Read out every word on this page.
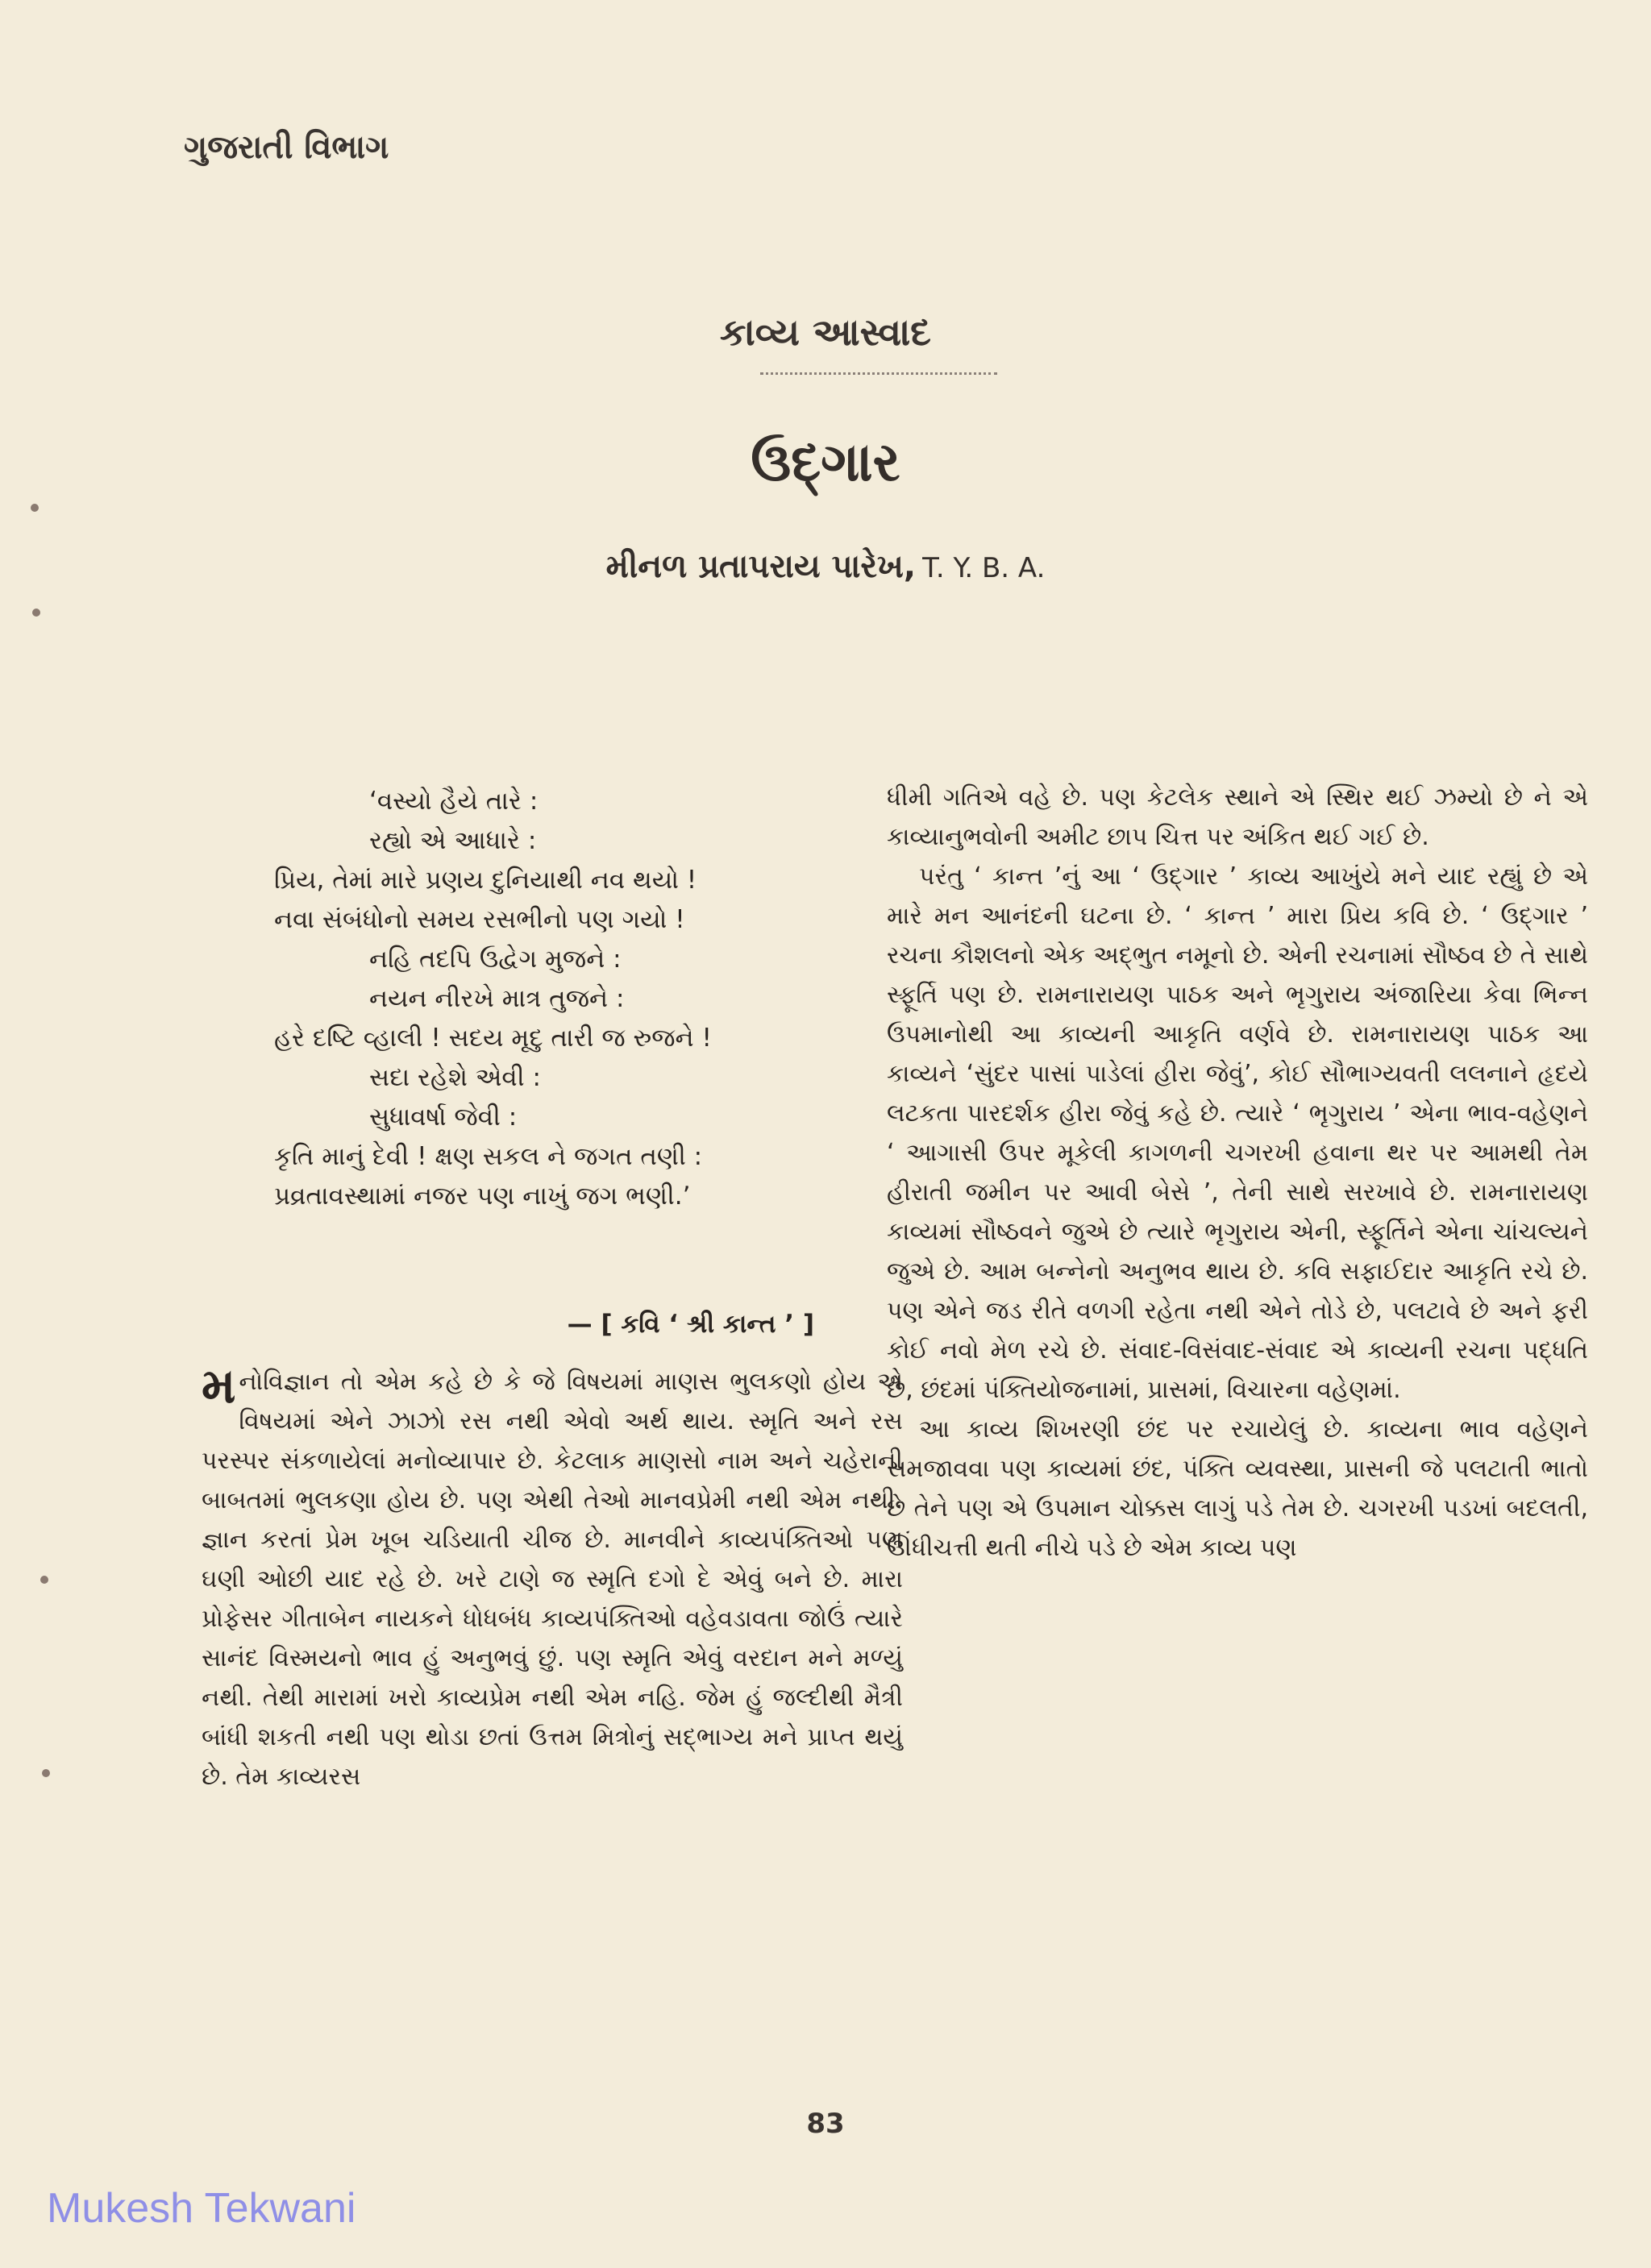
ગુજરાતી વિભાગ
કાવ્ય આસ્વાદ
ઉદ્‌ગાર
મીનળ પ્રતાપરાય પારેખ, T. Y. B. A.
‘વસ્યો હૈયે તારે :
રહ્યો એ આધારે :
પ્રિય, તેમાં મારે પ્રણય દુનિયાથી નવ થયો !
નવા સંબંધોનો સમય રસભીનો પણ ગયો !
નહિ તદપિ ઉદ્વેગ મુજને :
નયન નીરખે માત્ર તુજને :
હરે દષ્ટિ વ્હાલી ! સદય મૃદુ તારી જ રુજને !
સદા રહેશે એવી :
સુધાવર્ષા જેવી :
કૃતિ માનું દેવી ! ક્ષણ સકલ ને જગત તણી :
પ્રવ્રતાવસ્થામાં નજર પણ નાખું જગ ભણી.’
— [ કવિ ‘ શ્રી કાન્ત ’ ]

મનોવિજ્ઞાન તો એમ કહે છે કે જે વિષયમાં માણસ ભુલકણો હોય એ વિષયમાં એને ઝાઝો રસ નથી એવો અર્થ થાય. સ્મૃતિ અને રસ પરસ્પર સંકળાયેલાં મનોવ્યાપાર છે. કેટલાક માણસો નામ અને ચહેરાની બાબતમાં ભુલકણા હોય છે. પણ એથી તેઓ માનવપ્રેમી નથી એમ નથી. જ્ઞાન કરતાં પ્રેમ ખૂબ ચડિયાતી ચીજ છે. માનવીને કાવ્યપંક્તિઓ પણ ઘણી ઓછી યાદ રહે છે. ખરે ટાણે જ સ્મૃતિ દગો દે એવું બને છે. મારા પ્રોફેસર ગીતાબેન નાયકને ધોધબંધ કાવ્યપંક્તિઓ વહેવડાવતા જોઉં ત્યારે સાનંદ વિસ્મયનો ભાવ હું અનુભવું છું. પણ સ્મૃતિ એવું વરદાન મને મળ્યું નથી. તેથી મારામાં ખરો કાવ્યપ્રેમ નથી એમ નહિ. જેમ હું જલ્દીથી મૈત્રી બાંધી શકતી નથી પણ થોડા છતાં ઉત્તમ મિત્રોનું સદ્‌ભાગ્ય મને પ્રાપ્ત થયું છે. તેમ કાવ્યરસ

ધીમી ગતિએ વહે છે. પણ કેટલેક સ્થાને એ સ્થિર થઈ ઝમ્યો છે ને એ કાવ્યાનુભવોની અમીટ છાપ ચિત્ત પર અંકિત થઈ ગઈ છે.

પરંતુ ‘ કાન્ત ’નું આ ‘ ઉદ્‌ગાર ’ કાવ્ય આખુંયે મને યાદ રહ્યું છે એ મારે મન આનંદની ઘટના છે. ‘ કાન્ત ’ મારા પ્રિય કવિ છે. ‘ ઉદ્‌ગાર ’ રચના કૌશલનો એક અદ્‌ભુત નમૂનો છે. એની રચનામાં સૌષ્ઠવ છે તે સાથે સ્ફૂર્તિ પણ છે. રામનારાયણ પાઠક અને ભૃગુરાય અંજારિયા કેવા ભિન્ન ઉપમાનોથી આ કાવ્યની આકૃતિ વર્ણવે છે. રામનારાયણ પાઠક આ કાવ્યને ‘સુંદર પાસાં પાડેલાં હીરા જેવું’, કોઈ સૌભાગ્યવતી લલનાને હૃદયે લટકતા પારદર્શક હીરા જેવું કહે છે. ત્યારે ‘ ભૃગુરાય ’ એના ભાવ-વહેણને ‘ આગાસી ઉપર મૂકેલી કાગળની ચગરખી હવાના થર પર આમથી તેમ હીરાતી જમીન પર આવી બેસે ’, તેની સાથે સરખાવે છે. રામનારાયણ કાવ્યમાં સૌષ્ઠવને જુએ છે ત્યારે ભૃગુરાય એની, સ્ફૂર્તિને એના ચાંચલ્યને જુએ છે. આમ બન્નેનો અનુભવ થાય છે. કવિ સફાઈદાર આકૃતિ રચે છે. પણ એને જડ રીતે વળગી રહેતા નથી એને તોડે છે, પલટાવે છે અને ફરી કોઈ નવો મેળ રચે છે. સંવાદ-વિસંવાદ-સંવાદ એ કાવ્યની રચના પદ્ધતિ છે, છંદમાં પંક્તિયોજનામાં, પ્રાસમાં, વિચારના વહેણમાં.

આ કાવ્ય શિખરણી છંદ પર રચાયેલું છે. કાવ્યના ભાવ વહેણને સમજાવવા પણ કાવ્યમાં છંદ, પંક્તિ વ્યવસ્થા, પ્રાસની જે પલટાતી ભાતો છે તેને પણ એ ઉપમાન ચોક્કસ લાગું પડે તેમ છે. ચગરખી પડખાં બદલતી, ઊંધીચત્તી થતી નીચે પડે છે એમ કાવ્ય પણ

83
Mukesh Tekwani
